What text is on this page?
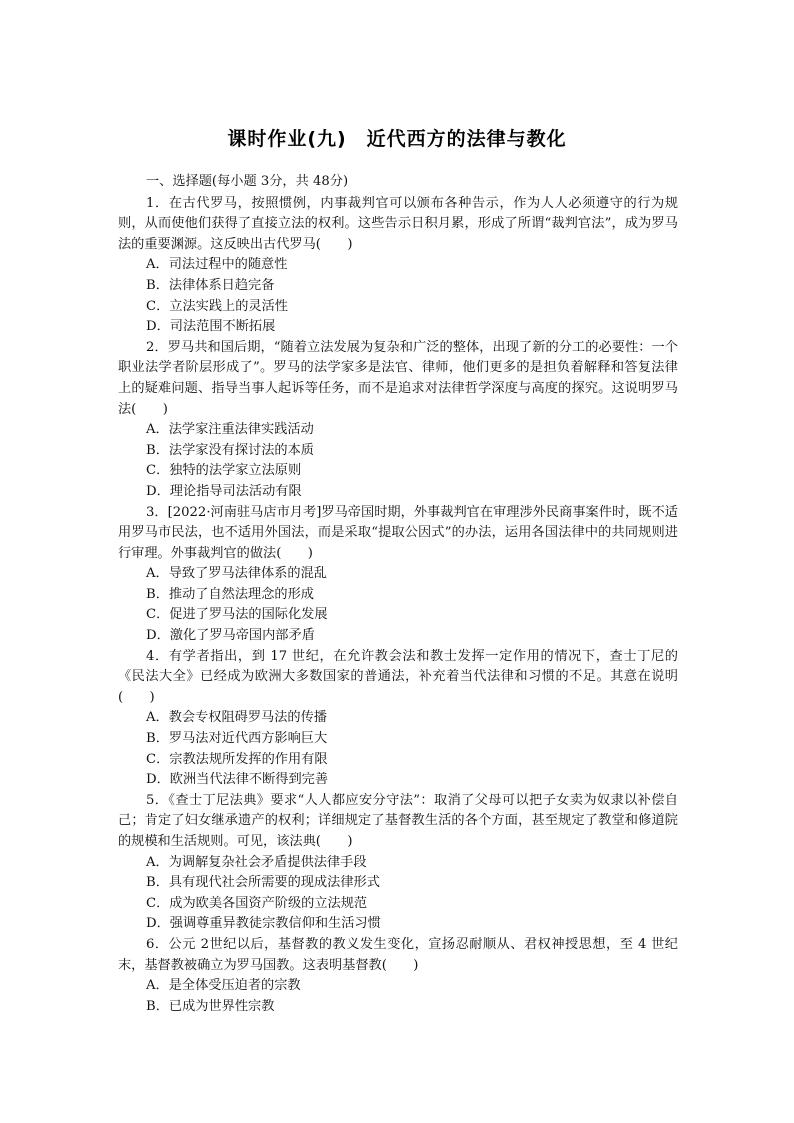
课时作业(九)　近代西方的法律与教化
一、选择题(每小题 3分，共 48分)

1．在古代罗马，按照惯例，内事裁判官可以颁布各种告示，作为人人必须遵守的行为规则，从而使他们获得了直接立法的权利。这些告示日积月累，形成了所谓“裁判官法”，成为罗马法的重要渊源。这反映出古代罗马(　　)

A．司法过程中的随意性
B．法律体系日趋完备
C．立法实践上的灵活性
D．司法范围不断拓展

2．罗马共和国后期，“随着立法发展为复杂和广泛的整体，出现了新的分工的必要性：一个职业法学者阶层形成了”。罗马的法学家多是法官、律师，他们更多的是担负着解释和答复法律上的疑难问题、指导当事人起诉等任务，而不是追求对法律哲学深度与高度的探究。这说明罗马法(　　)

A．法学家注重法律实践活动
B．法学家没有探讨法的本质
C．独特的法学家立法原则
D．理论指导司法活动有限

3．[2022·河南驻马店市月考]罗马帝国时期，外事裁判官在审理涉外民商事案件时，既不适用罗马市民法，也不适用外国法，而是采取“提取公因式”的办法，运用各国法律中的共同规则进行审理。外事裁判官的做法(　　)

A．导致了罗马法律体系的混乱
B．推动了自然法理念的形成
C．促进了罗马法的国际化发展
D．激化了罗马帝国内部矛盾

4．有学者指出，到 17 世纪，在允许教会法和教士发挥一定作用的情况下，查士丁尼的《民法大全》已经成为欧洲大多数国家的普通法，补充着当代法律和习惯的不足。其意在说明(　　)

A．教会专权阻碍罗马法的传播
B．罗马法对近代西方影响巨大
C．宗教法规所发挥的作用有限
D．欧洲当代法律不断得到完善

5．《查士丁尼法典》要求“人人都应安分守法”：取消了父母可以把子女卖为奴隶以补偿自己；肯定了妇女继承遗产的权利；详细规定了基督教生活的各个方面，甚至规定了教堂和修道院的规模和生活规则。可见，该法典(　　)

A．为调解复杂社会矛盾提供法律手段
B．具有现代社会所需要的现成法律形式
C．成为欧美各国资产阶级的立法规范
D．强调尊重异教徒宗教信仰和生活习惯

6．公元 2世纪以后，基督教的教义发生变化，宣扬忍耐顺从、君权神授思想，至 4 世纪末，基督教被确立为罗马国教。这表明基督教(　　)

A．是全体受压迫者的宗教
B．已成为世界性宗教
